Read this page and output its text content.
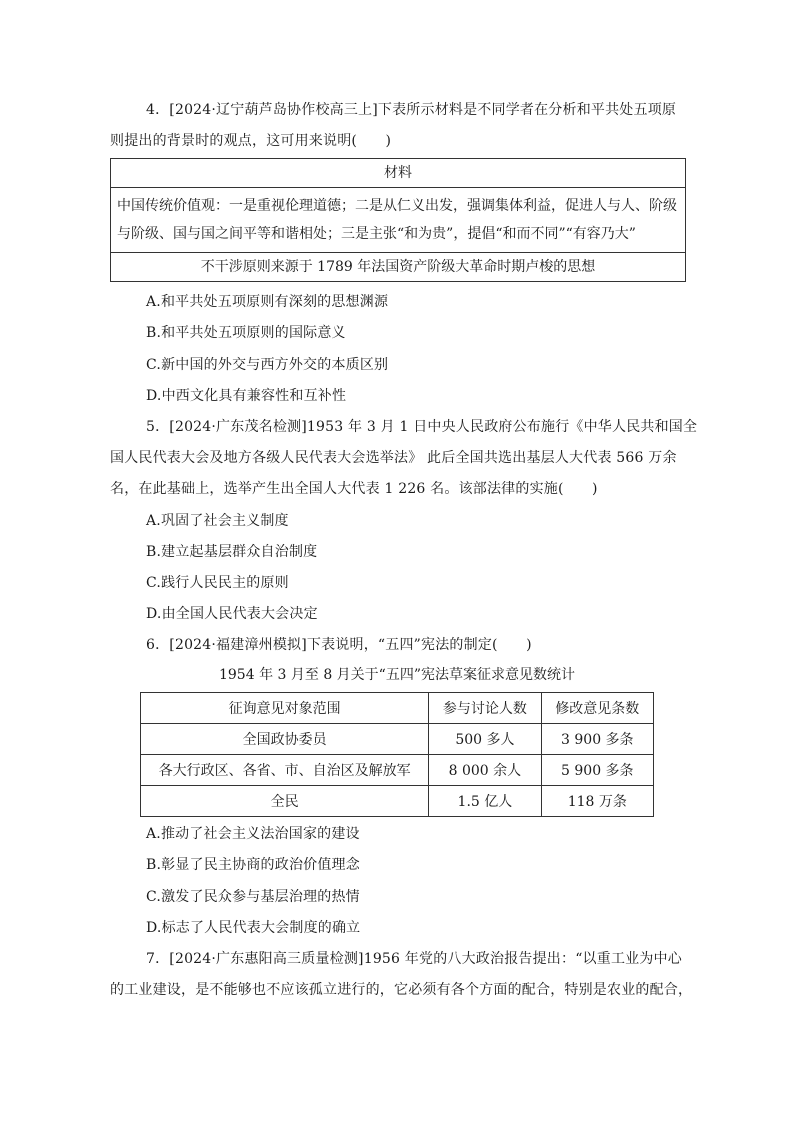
4．[2024·辽宁葫芦岛协作校高三上]下表所示材料是不同学者在分析和平共处五项原
则提出的背景时的观点，这可用来说明(　　)
材料
中国传统价值观：一是重视伦理道德；二是从仁义出发，强调集体利益，促进人与人、阶级
与阶级、国与国之间平等和谐相处；三是主张“和为贵”，提倡“和而不同”“有容乃大”
不干涉原则来源于 1789 年法国资产阶级大革命时期卢梭的思想
A.和平共处五项原则有深刻的思想渊源
B.和平共处五项原则的国际意义
C.新中国的外交与西方外交的本质区别
D.中西文化具有兼容性和互补性
5．[2024·广东茂名检测]1953 年 3 月 1 日中央人民政府公布施行《中华人民共和国全
国人民代表大会及地方各级人民代表大会选举法》 此后全国共选出基层人大代表 566 万余
名，在此基础上，选举产生出全国人大代表 1 226 名。该部法律的实施(　　)
A.巩固了社会主义制度
B.建立起基层群众自治制度
C.践行人民民主的原则
D.由全国人民代表大会决定
6．[2024·福建漳州模拟]下表说明，“五四”宪法的制定(　　)
1954 年 3 月至 8 月关于“五四”宪法草案征求意见数统计
征询意见对象范围	参与讨论人数	修改意见条数
全国政协委员	500 多人	3 900 多条
各大行政区、各省、市、自治区及解放军	8 000 余人	5 900 多条
全民	1.5 亿人	118 万条
A.推动了社会主义法治国家的建设
B.彰显了民主协商的政治价值理念
C.激发了民众参与基层治理的热情
D.标志了人民代表大会制度的确立
7．[2024·广东惠阳高三质量检测]1956 年党的八大政治报告提出：“以重工业为中心
的工业建设，是不能够也不应该孤立进行的，它必须有各个方面的配合，特别是农业的配合，
